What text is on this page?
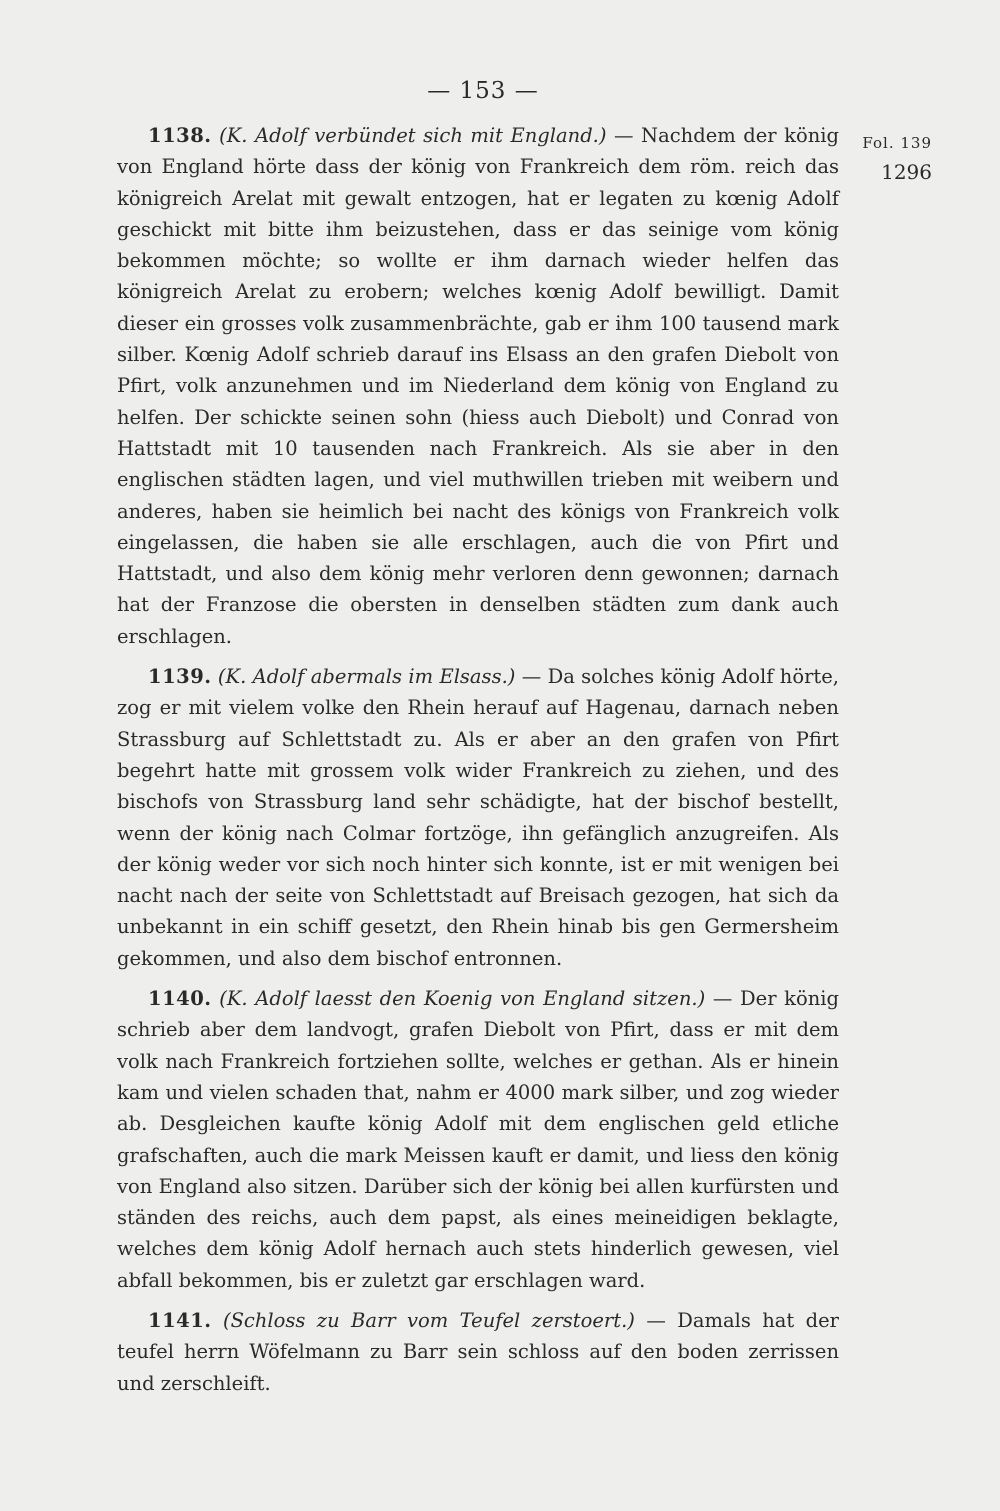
— 153 —
Fol. 139
1296

1138. (K. Adolf verbündet sich mit England.) — Nachdem der könig von England hörte dass der könig von Frankreich dem röm. reich das königreich Arelat mit gewalt entzogen, hat er legaten zu kœnig Adolf geschickt mit bitte ihm beizustehen, dass er das seinige vom könig bekommen möchte; so wollte er ihm darnach wieder helfen das königreich Arelat zu erobern; welches kœnig Adolf bewilligt. Damit dieser ein grosses volk zusammenbrächte, gab er ihm 100 tausend mark silber. Kœnig Adolf schrieb darauf ins Elsass an den grafen Diebolt von Pfirt, volk anzunehmen und im Niederland dem könig von England zu helfen. Der schickte seinen sohn (hiess auch Diebolt) und Conrad von Hattstadt mit 10 tausenden nach Frankreich. Als sie aber in den englischen städten lagen, und viel muthwillen trieben mit weibern und anderes, haben sie heimlich bei nacht des königs von Frankreich volk eingelassen, die haben sie alle erschlagen, auch die von Pfirt und Hattstadt, und also dem könig mehr verloren denn gewonnen; darnach hat der Franzose die obersten in denselben städten zum dank auch erschlagen.

1139. (K. Adolf abermals im Elsass.) — Da solches könig Adolf hörte, zog er mit vielem volke den Rhein herauf auf Hagenau, darnach neben Strassburg auf Schlettstadt zu. Als er aber an den grafen von Pfirt begehrt hatte mit grossem volk wider Frankreich zu ziehen, und des bischofs von Strassburg land sehr schädigte, hat der bischof bestellt, wenn der könig nach Colmar fortzöge, ihn gefänglich anzugreifen. Als der könig weder vor sich noch hinter sich konnte, ist er mit wenigen bei nacht nach der seite von Schlettstadt auf Breisach gezogen, hat sich da unbekannt in ein schiff gesetzt, den Rhein hinab bis gen Germersheim gekommen, und also dem bischof entronnen.

1140. (K. Adolf laesst den Koenig von England sitzen.) — Der könig schrieb aber dem landvogt, grafen Diebolt von Pfirt, dass er mit dem volk nach Frankreich fortziehen sollte, welches er gethan. Als er hinein kam und vielen schaden that, nahm er 4000 mark silber, und zog wieder ab. Desgleichen kaufte könig Adolf mit dem englischen geld etliche grafschaften, auch die mark Meissen kauft er damit, und liess den könig von England also sitzen. Darüber sich der könig bei allen kurfürsten und ständen des reichs, auch dem papst, als eines meineidigen beklagte, welches dem könig Adolf hernach auch stets hinderlich gewesen, viel abfall bekommen, bis er zuletzt gar erschlagen ward.

1141. (Schloss zu Barr vom Teufel zerstoert.) — Damals hat der teufel herrn Wöfelmann zu Barr sein schloss auf den boden zerrissen und zerschleift.
